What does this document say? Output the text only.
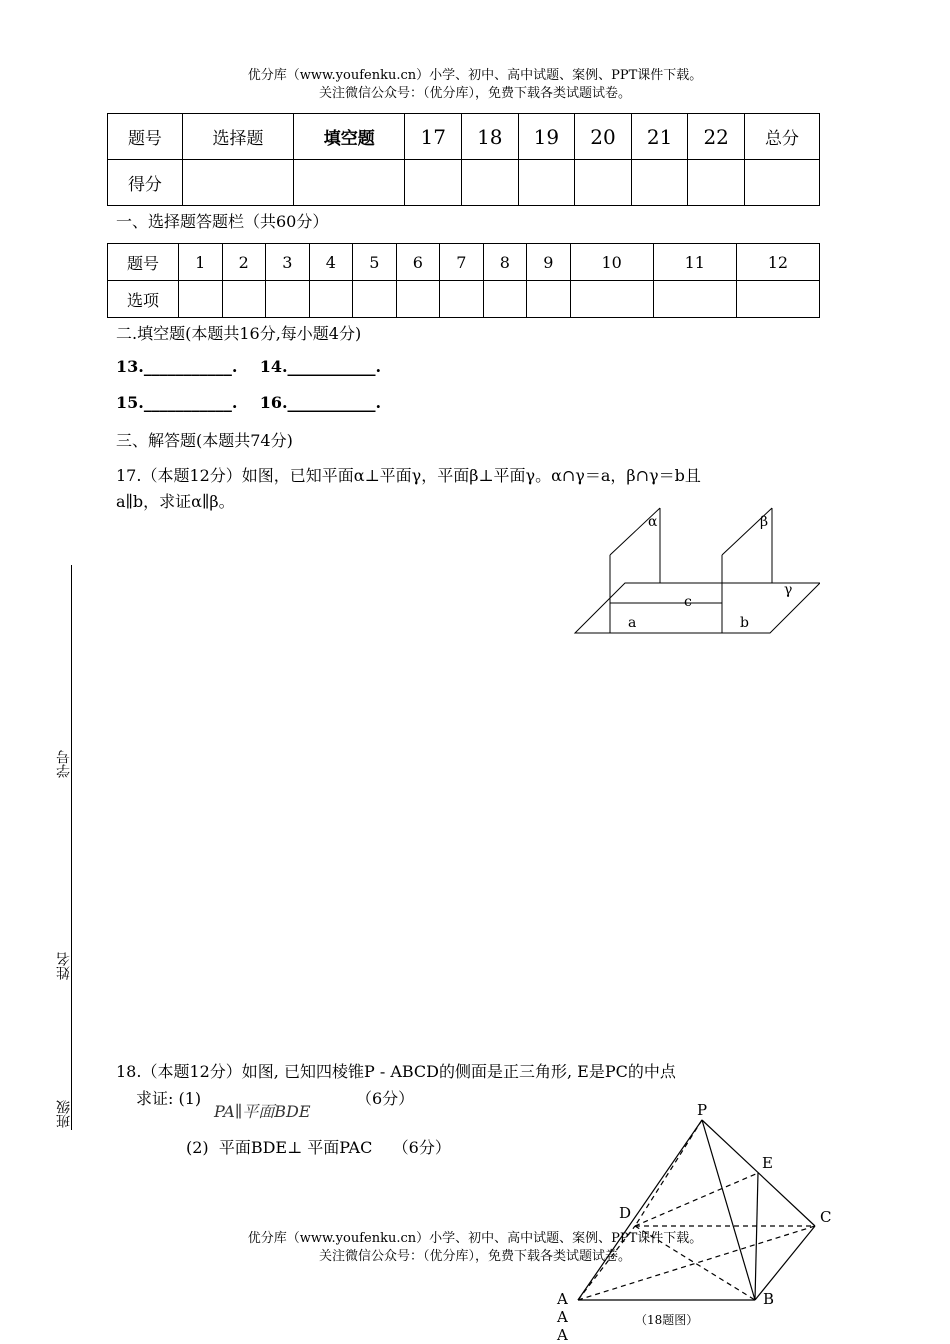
优分库（www.youfenku.cn）小学、初中、高中试题、案例、PPT课件下载。
关注微信公众号：（优分库），免费下载各类试题试卷。
题号	选择题	填空题	17	18	19	20	21	22	总分
得分									
一、选择题答题栏（共60分）
题号	1	2	3	4	5	6	7	8	9	10	11	12
选项												
二.填空题(本题共16分,每小题4分)
13.___________.    14.___________.
15.___________.    16.___________.
三、解答题(本题共74分)
17.（本题12分）如图，已知平面α⊥平面γ，平面β⊥平面γ。α∩γ＝a，β∩γ＝b且
a∥b，求证α∥β。
α	β
γ
c
a	b
学号
姓名
班级
18.（本题12分）如图, 已知四棱锥P - ABCD的侧面是正三角形, E是PC的中点
求证: (1)
PA∥平面BDE
（6分）
(2)  平面BDE⊥ 平面PAC    （6分）
P
E
D	C
A	B
A
A
（18题图）
优分库（www.youfenku.cn）小学、初中、高中试题、案例、PPT课件下载。
关注微信公众号：（优分库），免费下载各类试题试卷。
